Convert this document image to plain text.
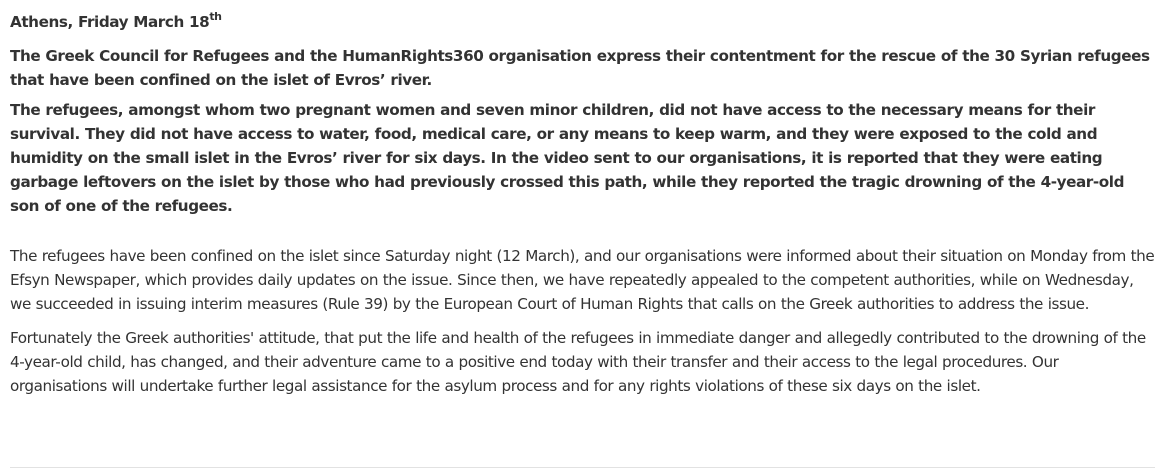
Athens, Friday March 18th

The Greek Council for Refugees and the HumanRights360 organisation express their contentment for the rescue of the 30 Syrian refugees that have been confined on the islet of Evros’ river.

The refugees, amongst whom two pregnant women and seven minor children, did not have access to the necessary means for their survival. They did not have access to water, food, medical care, or any means to keep warm, and they were exposed to the cold and humidity on the small islet in the Evros’ river for six days. In the video sent to our organisations, it is reported that they were eating garbage leftovers on the islet by those who had previously crossed this path, while they reported the tragic drowning of the 4-year-old son of one of the refugees.

The refugees have been confined on the islet since Saturday night (12 March), and our organisations were informed about their situation on Monday from the Efsyn Newspaper, which provides daily updates on the issue. Since then, we have repeatedly appealed to the competent authorities, while on Wednesday, we succeeded in issuing interim measures (Rule 39) by the European Court of Human Rights that calls on the Greek authorities to address the issue.

Fortunately the Greek authorities' attitude, that put the life and health of the refugees in immediate danger and allegedly contributed to the drowning of the 4-year-old child, has changed, and their adventure came to a positive end today with their transfer and their access to the legal procedures. Our organisations will undertake further legal assistance for the asylum process and for any rights violations of these six days on the islet.
